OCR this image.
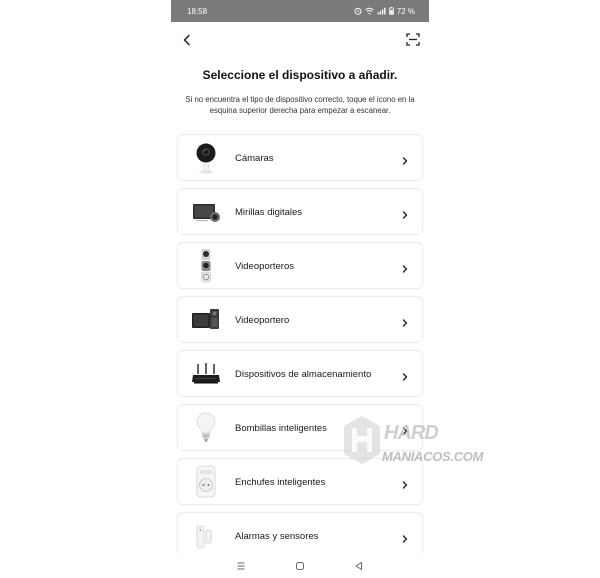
18:58	72 %
Seleccione el dispositivo a añadir.

Si no encuentra el tipo de dispositivo correcto, toque el icono en la esquina superior derecha para empezar a escanear.

Cámaras
Mirillas digitales
Videoporteros
Videoportero
Dispositivos de almacenamiento
Bombillas inteligentes
Enchufes inteligentes
Alarmas y sensores
HARD
MANIACOS.COM
